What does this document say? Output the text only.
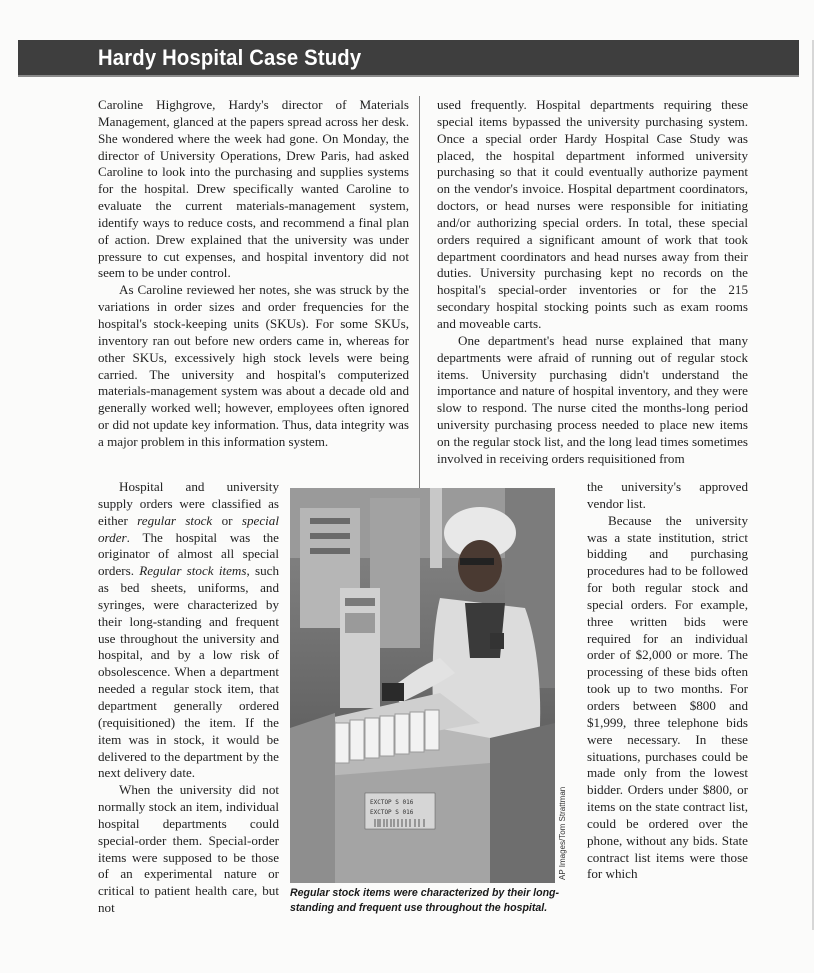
Hardy Hospital Case Study

Caroline Highgrove, Hardy's director of Materials Management, glanced at the papers spread across her desk. She wondered where the week had gone. On Monday, the director of University Operations, Drew Paris, had asked Caroline to look into the purchasing and supplies systems for the hospital. Drew specifically wanted Caroline to evaluate the current materials-management system, identify ways to reduce costs, and recommend a final plan of action. Drew explained that the university was under pressure to cut expenses, and hospital inventory did not seem to be under control.

As Caroline reviewed her notes, she was struck by the variations in order sizes and order frequencies for the hospital's stock-keeping units (SKUs). For some SKUs, inventory ran out before new orders came in, whereas for other SKUs, excessively high stock levels were being carried. The university and hospital's computerized materials-management system was about a decade old and generally worked well; however, employees often ignored or did not update key information. Thus, data integrity was a major problem in this information system.

Hospital and university supply orders were classified as either regular stock or special order. The hospital was the originator of almost all special orders. Regular stock items, such as bed sheets, uniforms, and syringes, were characterized by their long-standing and frequent use throughout the university and hospital, and by a low risk of obsolescence. When a department needed a regular stock item, that department generally ordered (requisitioned) the item. If the item was in stock, it would be delivered to the department by the next delivery date.

When the university did not normally stock an item, individual hospital departments could special-order them. Special-order items were supposed to be those of an experimental nature or critical to patient health care, but not

used frequently. Hospital departments requiring these special items bypassed the university purchasing system. Once a special order Hardy Hospital Case Study was placed, the hospital department informed university purchasing so that it could eventually authorize payment on the vendor's invoice. Hospital department coordinators, doctors, or head nurses were responsible for initiating and/or authorizing special orders. In total, these special orders required a significant amount of work that took department coordinators and head nurses away from their duties. University purchasing kept no records on the hospital's special-order inventories or for the 215 secondary hospital stocking points such as exam rooms and moveable carts.

One department's head nurse explained that many departments were afraid of running out of regular stock items. University purchasing didn't understand the importance and nature of hospital inventory, and they were slow to respond. The nurse cited the months-long period university purchasing process needed to place new items on the regular stock list, and the long lead times sometimes involved in receiving orders requisitioned from

the university's approved vendor list.

Because the university was a state institution, strict bidding and purchasing procedures had to be followed for both regular stock and special orders. For example, three written bids were required for an individual order of $2,000 or more. The processing of these bids often took up to two months. For orders between $800 and $1,999, three telephone bids were necessary. In these situations, purchases could be made only from the lowest bidder. Orders under $800, or items on the state contract list, could be ordered over the phone, without any bids. State contract list items were those for which

EXCTOP S 016
EXCTOP S 016	AP Images/Tom Strattman
Regular stock items were characterized by their long-standing and frequent use throughout the hospital.
